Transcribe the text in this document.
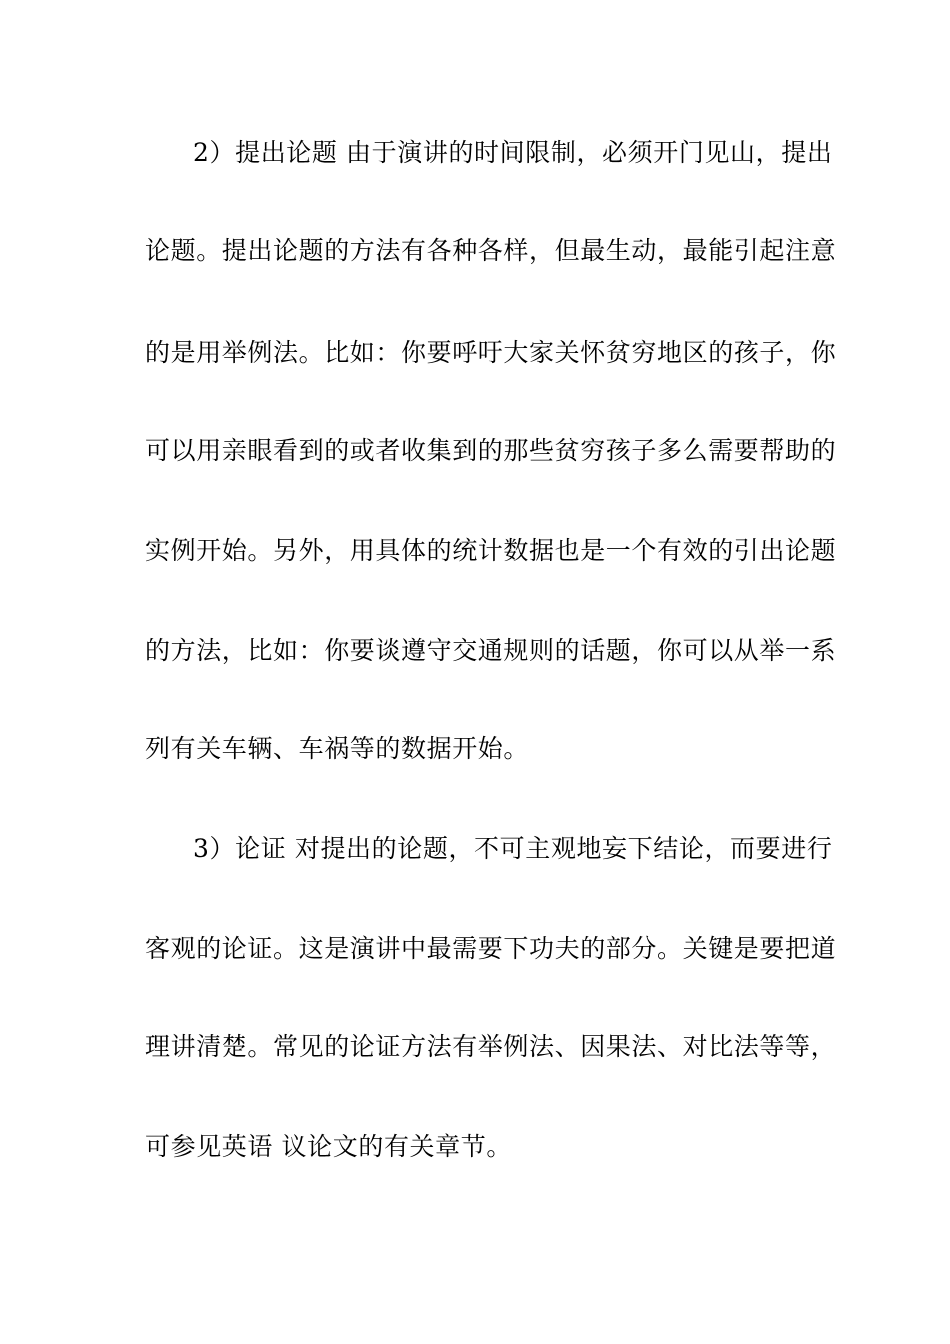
2）提出论题 由于演讲的时间限制，必须开门见山，提出
论题。提出论题的方法有各种各样，但最生动，最能引起注意
的是用举例法。比如：你要呼吁大家关怀贫穷地区的孩子，你
可以用亲眼看到的或者收集到的那些贫穷孩子多么需要帮助的
实例开始。另外，用具体的统计数据也是一个有效的引出论题
的方法，比如：你要谈遵守交通规则的话题，你可以从举一系
列有关车辆、车祸等的数据开始。
3）论证 对提出的论题，不可主观地妄下结论，而要进行
客观的论证。这是演讲中最需要下功夫的部分。关键是要把道
理讲清楚。常见的论证方法有举例法、因果法、对比法等等，
可参见英语 议论文的有关章节。
